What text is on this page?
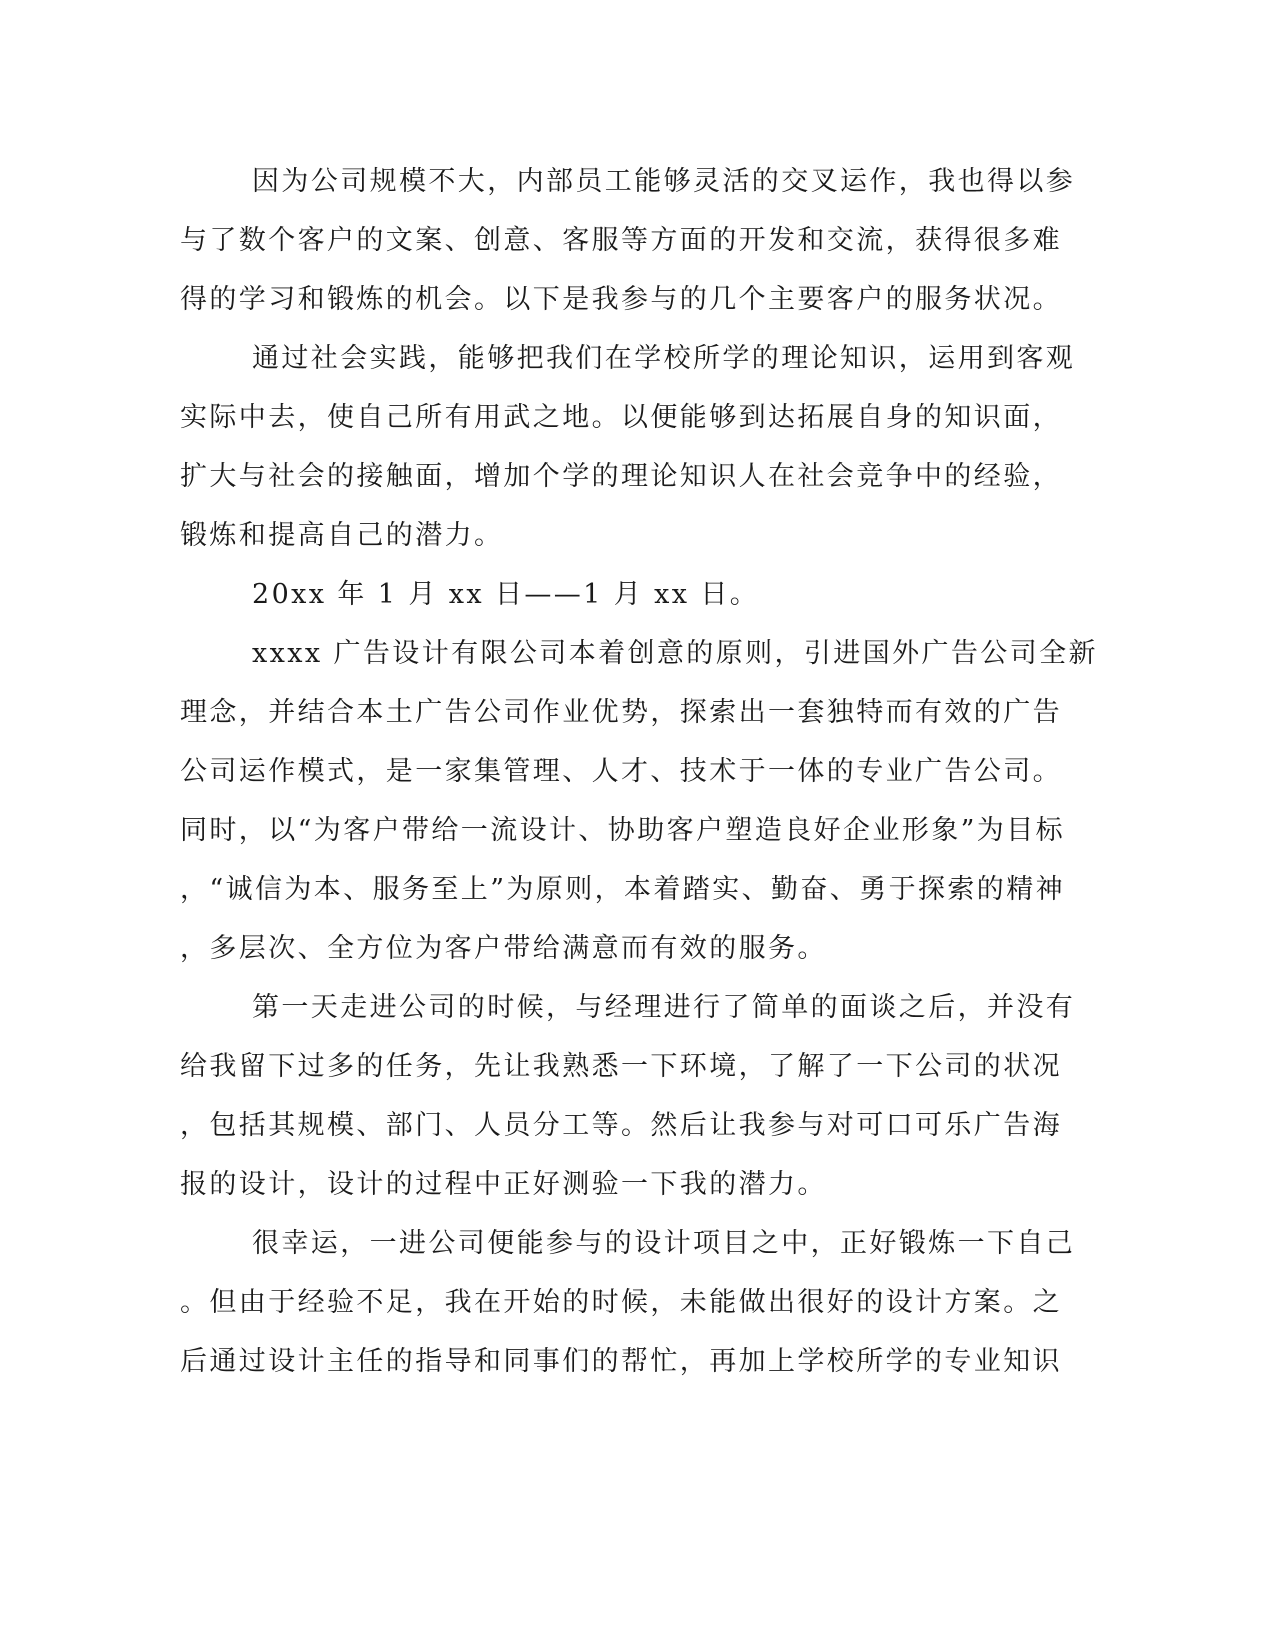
因为公司规模不大，内部员工能够灵活的交叉运作，我也得以参
与了数个客户的文案、创意、客服等方面的开发和交流，获得很多难
得的学习和锻炼的机会。以下是我参与的几个主要客户的服务状况。
通过社会实践，能够把我们在学校所学的理论知识，运用到客观
实际中去，使自己所有用武之地。以便能够到达拓展自身的知识面，
扩大与社会的接触面，增加个学的理论知识人在社会竞争中的经验，
锻炼和提高自己的潜力。
20xx 年 1 月 xx 日——1 月 xx 日。
xxxx 广告设计有限公司本着创意的原则，引进国外广告公司全新
理念，并结合本土广告公司作业优势，探索出一套独特而有效的广告
公司运作模式，是一家集管理、人才、技术于一体的专业广告公司。
同时，以“为客户带给一流设计、协助客户塑造良好企业形象”为目标
，“诚信为本、服务至上”为原则，本着踏实、勤奋、勇于探索的精神
，多层次、全方位为客户带给满意而有效的服务。
第一天走进公司的时候，与经理进行了简单的面谈之后，并没有
给我留下过多的任务，先让我熟悉一下环境，了解了一下公司的状况
，包括其规模、部门、人员分工等。然后让我参与对可口可乐广告海
报的设计，设计的过程中正好测验一下我的潜力。
很幸运，一进公司便能参与的设计项目之中，正好锻炼一下自己
。但由于经验不足，我在开始的时候，未能做出很好的设计方案。之
后通过设计主任的指导和同事们的帮忙，再加上学校所学的专业知识
